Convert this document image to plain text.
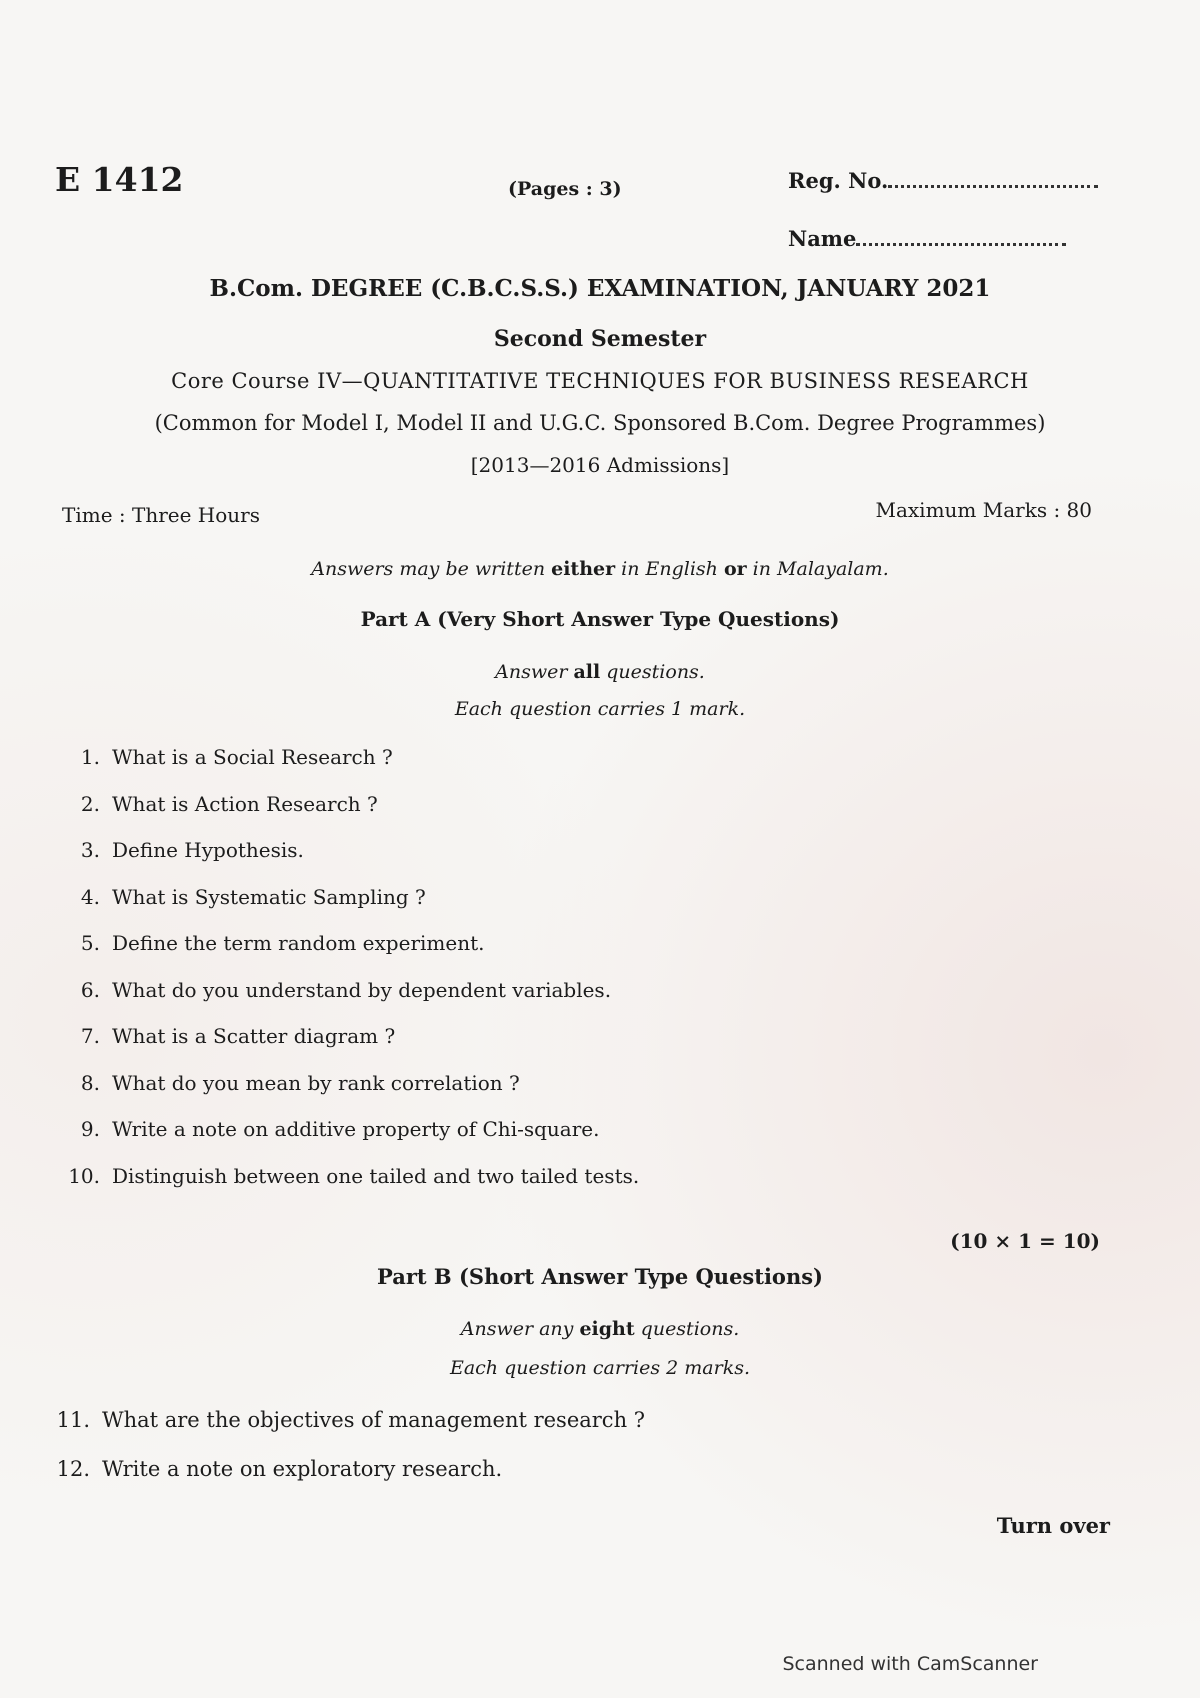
E 1412	(Pages : 3)	Reg. No.
Name
B.Com. DEGREE (C.B.C.S.S.) EXAMINATION, JANUARY 2021
Second Semester
Core Course IV—QUANTITATIVE TECHNIQUES FOR BUSINESS RESEARCH
(Common for Model I, Model II and U.G.C. Sponsored B.Com. Degree Programmes)
[2013—2016 Admissions]
Time : Three Hours	Maximum Marks : 80
Answers may be written either in English or in Malayalam.
Part A (Very Short Answer Type Questions)
Answer all questions.
Each question carries 1 mark.
1. What is a Social Research ?
2. What is Action Research ?
3. Define Hypothesis.
4. What is Systematic Sampling ?
5. Define the term random experiment.
6. What do you understand by dependent variables.
7. What is a Scatter diagram ?
8. What do you mean by rank correlation ?
9. Write a note on additive property of Chi-square.
10. Distinguish between one tailed and two tailed tests.
(10 × 1 = 10)
Part B (Short Answer Type Questions)
Answer any eight questions.
Each question carries 2 marks.
11. What are the objectives of management research ?
12. Write a note on exploratory research.
Turn over
Scanned with CamScanner
